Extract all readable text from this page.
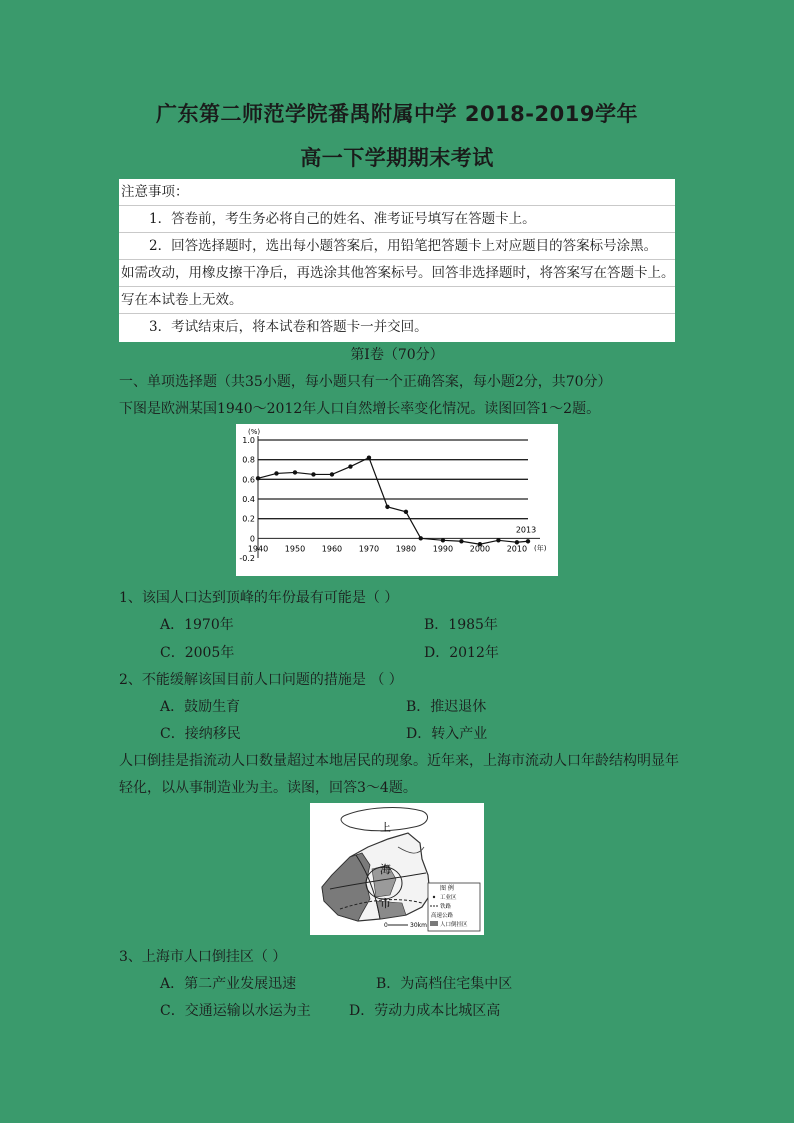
广东第二师范学院番禺附属中学 2018-2019学年
高一下学期期末考试
注意事项：
1．答卷前，考生务必将自己的姓名、准考证号填写在答题卡上。
2．回答选择题时，选出每小题答案后，用铅笔把答题卡上对应题目的答案标号涂黑。
如需改动，用橡皮擦干净后，再选涂其他答案标号。回答非选择题时，将答案写在答题卡上。
写在本试卷上无效。
3．考试结束后，将本试卷和答题卡一并交回。
第Ⅰ卷（70分）
一、单项选择题（共35小题，每小题只有一个正确答案，每小题2分，共70分）
下图是欧洲某国1940～2012年人口自然增长率变化情况。读图回答1～2题。
1.0
0.8
0.6
0.4
0.2
0
-0.2
(%)
(年)
1940 1950 1960 1970 1980 1990 2000 2010
2013
1、该国人口达到顶峰的年份最有可能是（ ）
A．1970年	B．1985年
C．2005年	D．2012年
2、不能缓解该国目前人口问题的措施是 （ ）
A．鼓励生育	B．推迟退休
C．接纳移民	D．转入产业
人口倒挂是指流动人口数量超过本地居民的现象。近年来，上海市流动人口年龄结构明显年
轻化，以从事制造业为主。读图，回答3～4题。
上
海
市
0	30km
图 例
工业区
铁路
高速公路
人口倒挂区
3、上海市人口倒挂区（ ）
A．第二产业发展迅速	B．为高档住宅集中区
C．交通运输以水运为主	D．劳动力成本比城区高
